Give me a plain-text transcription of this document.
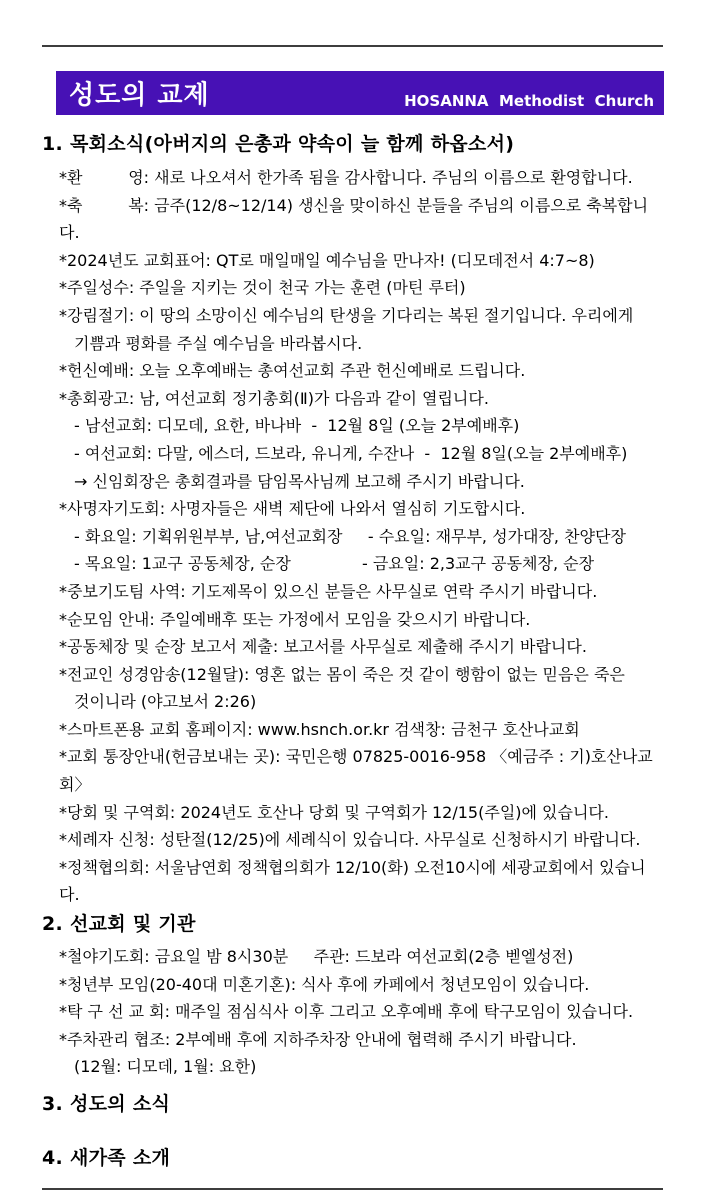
성도의 교제	HOSANNA  Methodist  Church
1. 목회소식(아버지의 은총과 약속이 늘 함께 하옵소서)
*환         영: 새로 나오셔서 한가족 됨을 감사합니다. 주님의 이름으로 환영합니다.
*축         복: 금주(12/8~12/14) 생신을 맞이하신 분들을 주님의 이름으로 축복합니다.
*2024년도 교회표어: QT로 매일매일 예수님을 만나자! (디모데전서 4:7~8)
*주일성수: 주일을 지키는 것이 천국 가는 훈련 (마틴 루터)
*강림절기: 이 땅의 소망이신 예수님의 탄생을 기다리는 복된 절기입니다. 우리에게
기쁨과 평화를 주실 예수님을 바라봅시다.
*헌신예배: 오늘 오후예배는 총여선교회 주관 헌신예배로 드립니다.
*총회광고: 남, 여선교회 정기총회(Ⅱ)가 다음과 같이 열립니다.
- 남선교회: 디모데, 요한, 바나바  -  12월 8일 (오늘 2부예배후)
- 여선교회: 다말, 에스더, 드보라, 유니게, 수잔나  -  12월 8일(오늘 2부예배후)
→ 신임회장은 총회결과를 담임목사님께 보고해 주시기 바랍니다.
*사명자기도회: 사명자들은 새벽 제단에 나와서 열심히 기도합시다.
- 화요일: 기획위원부부, 남,여선교회장     - 수요일: 재무부, 성가대장, 찬양단장
- 목요일: 1교구 공동체장, 순장              - 금요일: 2,3교구 공동체장, 순장
*중보기도팀 사역: 기도제목이 있으신 분들은 사무실로 연락 주시기 바랍니다.
*순모임 안내: 주일예배후 또는 가정에서 모임을 갖으시기 바랍니다.
*공동체장 및 순장 보고서 제출: 보고서를 사무실로 제출해 주시기 바랍니다.
*전교인 성경암송(12월달): 영혼 없는 몸이 죽은 것 같이 행함이 없는 믿음은 죽은
것이니라 (야고보서 2:26)
*스마트폰용 교회 홈페이지: www.hsnch.or.kr 검색창: 금천구 호산나교회
*교회 통장안내(헌금보내는 곳): 국민은행 07825-0016-958 〈예금주 : 기)호산나교회〉
*당회 및 구역회: 2024년도 호산나 당회 및 구역회가 12/15(주일)에 있습니다.
*세례자 신청: 성탄절(12/25)에 세례식이 있습니다. 사무실로 신청하시기 바랍니다.
*정책협의회: 서울남연회 정책협의회가 12/10(화) 오전10시에 세광교회에서 있습니다.
2. 선교회 및 기관
*철야기도회: 금요일 밤 8시30분     주관: 드보라 여선교회(2층 벧엘성전)
*청년부 모임(20-40대 미혼기혼): 식사 후에 카페에서 청년모임이 있습니다.
*탁 구 선 교 회: 매주일 점심식사 이후 그리고 오후예배 후에 탁구모임이 있습니다.
*주차관리 협조: 2부예배 후에 지하주차장 안내에 협력해 주시기 바랍니다.
(12월: 디모데, 1월: 요한)
3. 성도의 소식
4. 새가족 소개
